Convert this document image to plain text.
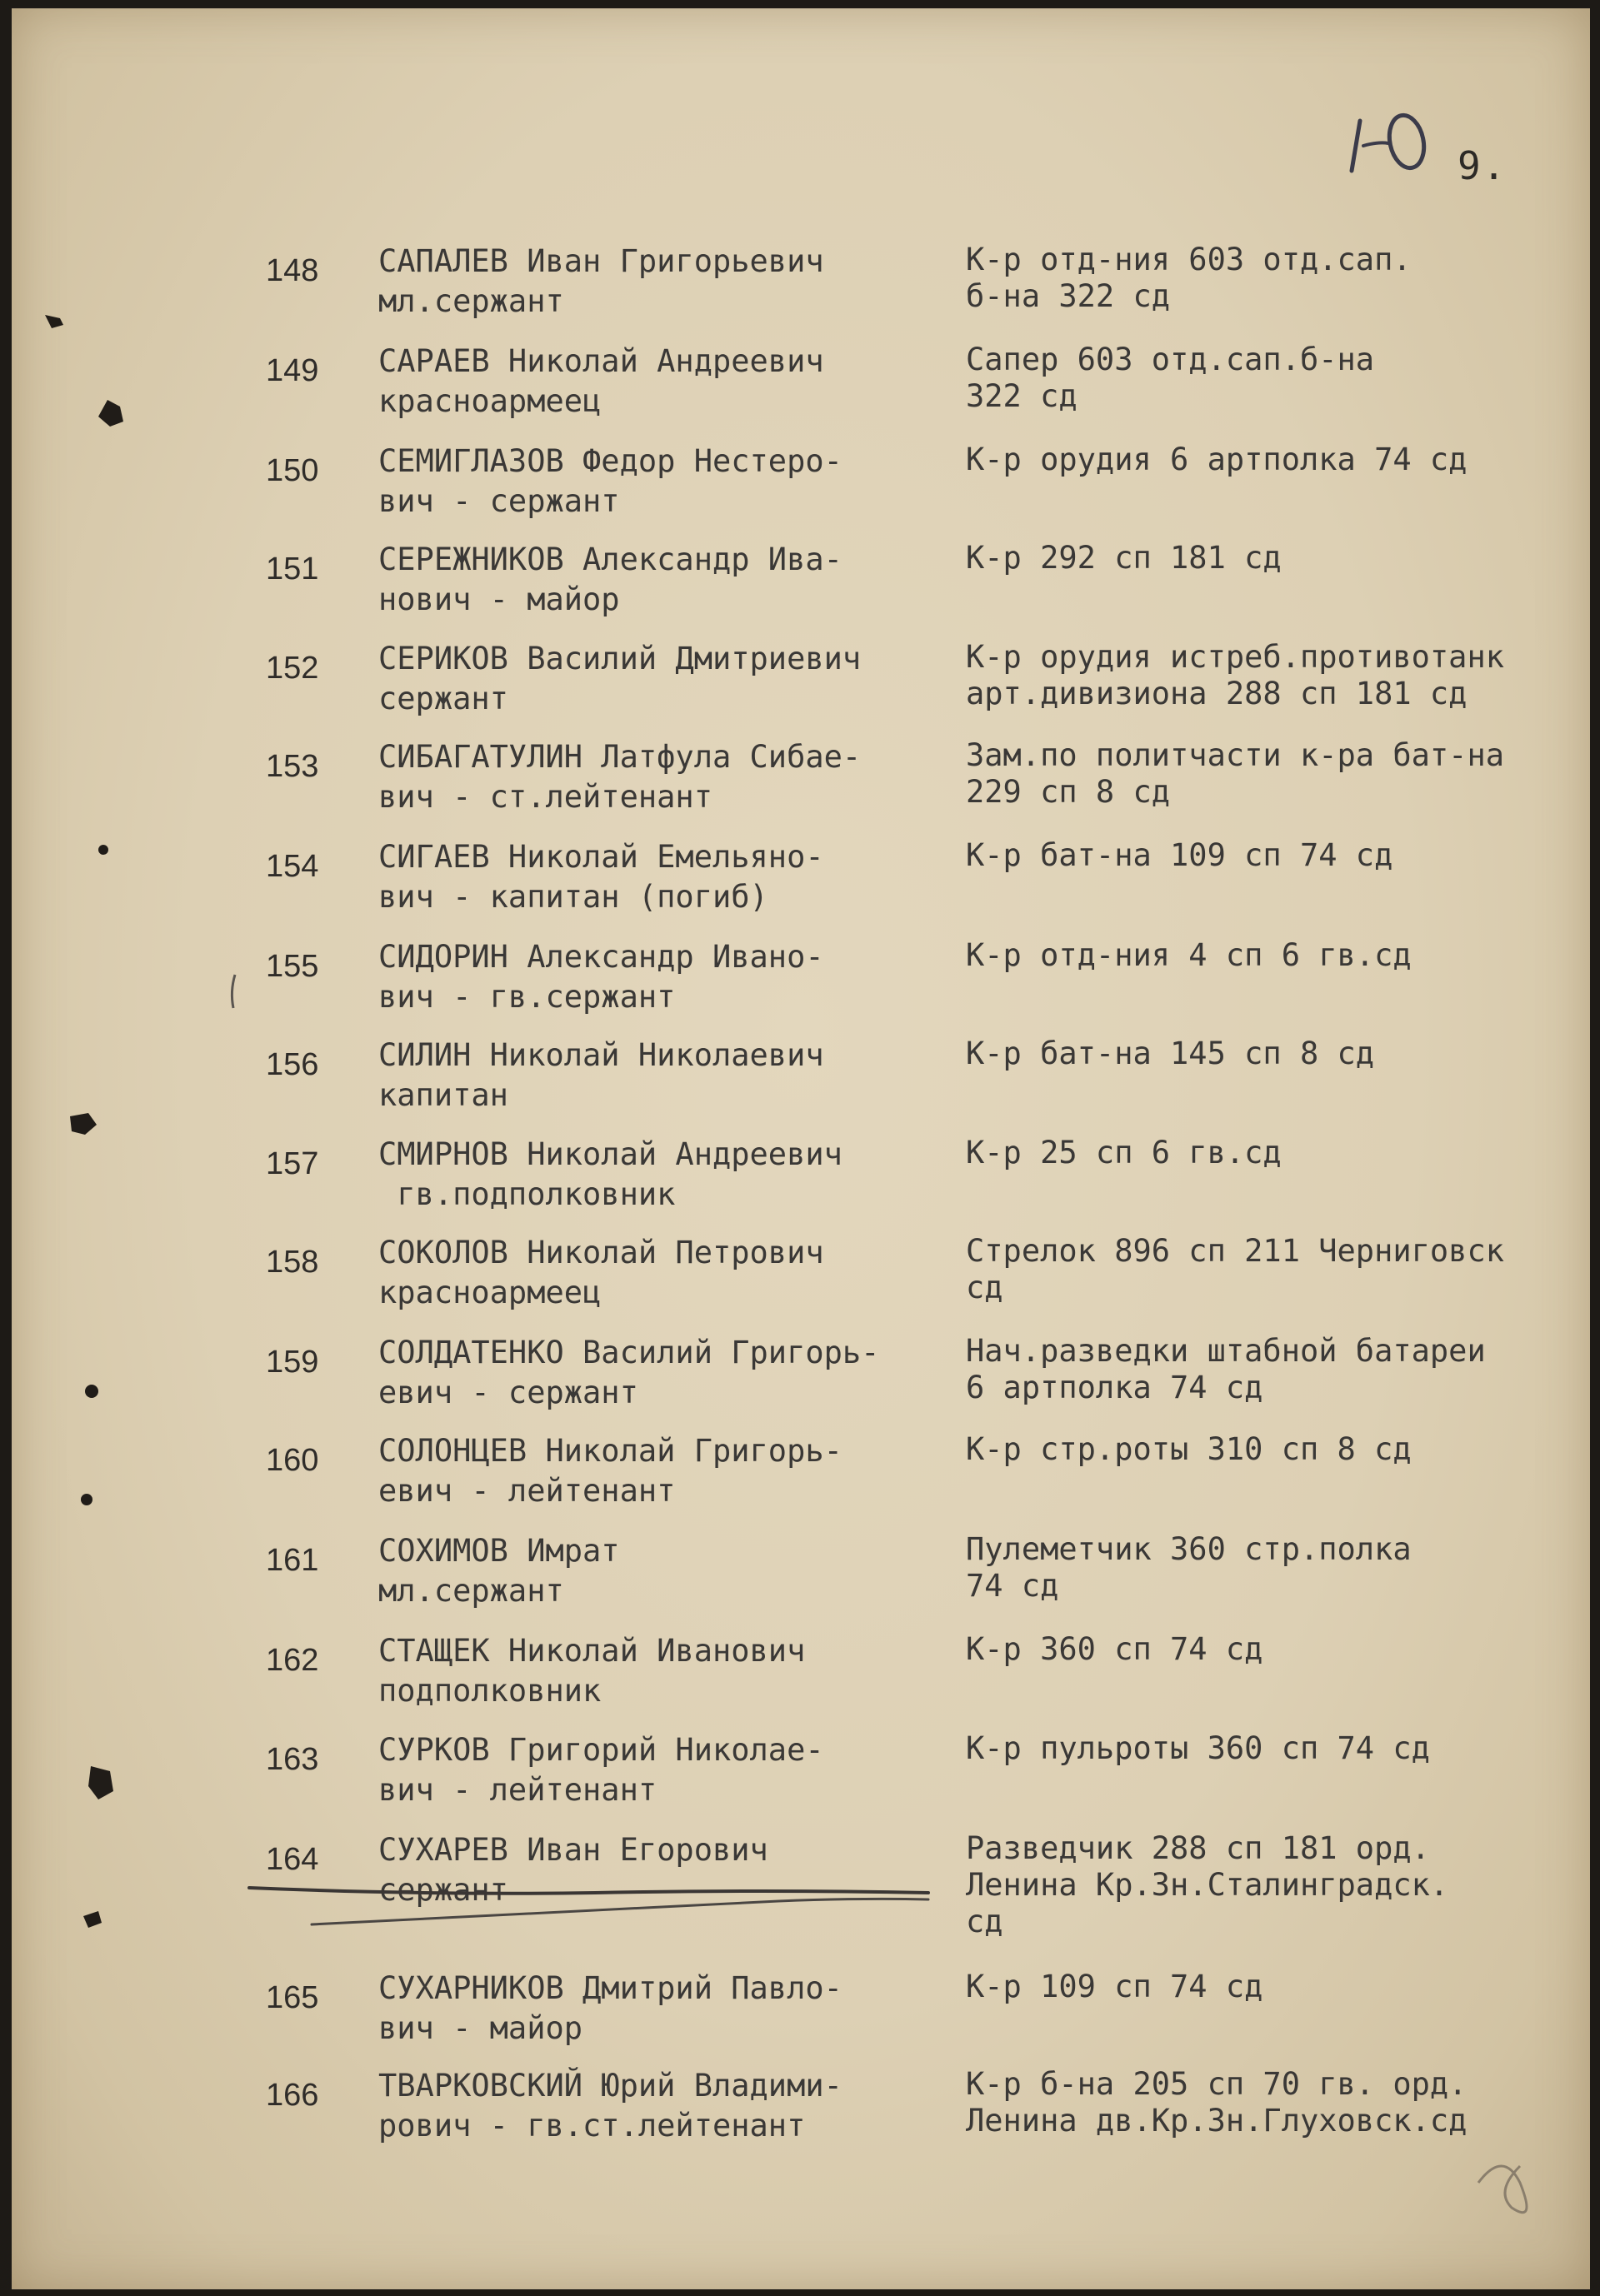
9.
148 САПАЛЕВ Иван Григорьевич
мл.сержант
К-р отд-ния 603 отд.сап.
б-на 322 сд
149 САРАЕВ Николай Андреевич
красноармеец
Сапер 603 отд.сап.б-на
322 сд
150 СЕМИГЛАЗОВ Федор Нестеро-
вич - сержант
К-р орудия 6 артполка 74 сд
151 СЕРЕЖНИКОВ Александр Ива-
нович - майор
К-р 292 сп 181 сд
152 СЕРИКОВ Василий Дмитриевич
сержант
К-р орудия истреб.противотанк
арт.дивизиона 288 сп 181 сд
153 СИБАГАТУЛИН Латфула Сибае-
вич - ст.лейтенант
Зам.по политчасти к-ра бат-на
229 сп 8 сд
154 СИГАЕВ Николай Емельяно-
вич - капитан (погиб)
К-р бат-на 109 сп 74 сд
155 СИДОРИН Александр Ивано-
вич - гв.сержант
К-р отд-ния 4 сп 6 гв.сд
156 СИЛИН Николай Николаевич
капитан
К-р бат-на 145 сп 8 сд
157 СМИРНОВ Николай Андреевич
гв.подполковник
К-р 25 сп 6 гв.сд
158 СОКОЛОВ Николай Петрович
красноармеец
Стрелок 896 сп 211 Черниговск
сд
159 СОЛДАТЕНКО Василий Григорь-
евич - сержант
Нач.разведки штабной батареи
6 артполка 74 сд
160 СОЛОНЦЕВ Николай Григорь-
евич - лейтенант
К-р стр.роты 310 сп 8 сд
161 СОХИМОВ Имрат
мл.сержант
Пулеметчик 360 стр.полка
74 сд
162 СТАЩЕК Николай Иванович
подполковник
К-р 360 сп 74 сд
163 СУРКОВ Григорий Николае-
вич - лейтенант
К-р пульроты 360 сп 74 сд
164 СУХАРЕВ Иван Егорович
сержант
Разведчик 288 сп 181 орд.
Ленина Кр.Зн.Сталинградск.
сд
165 СУХАРНИКОВ Дмитрий Павло-
вич - майор
К-р 109 сп 74 сд
166 ТВАРКОВСКИЙ Юрий Владими-
рович - гв.ст.лейтенант
К-р б-на 205 сп 70 гв. орд.
Ленина дв.Кр.Зн.Глуховск.сд
